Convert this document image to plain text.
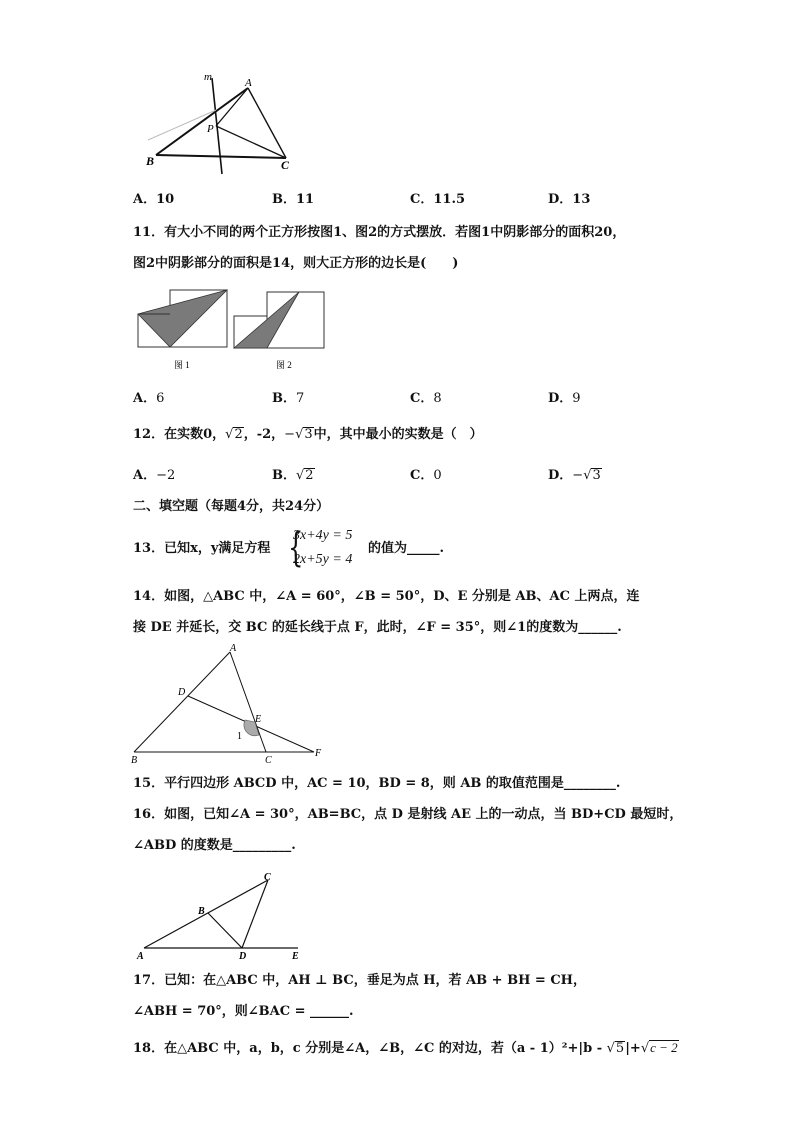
m	A
P
B	C
A．10	B．11	C．11.5	D．13
11．有大小不同的两个正方形按图1、图2的方式摆放．若图1中阴影部分的面积20，
图2中阴影部分的面积是14，则大正方形的边长是(　　)
图 1	图 2
A．6	B．7	C．8	D．9
12．在实数0，√2，-2，−√3中，其中最小的实数是（　）
A．−2	B．√2	C．0	D．−√3
二、填空题（每题4分，共24分）
13．已知x，y满足方程 {
3x+4y = 5
2x+5y = 4
的值为_____.
14．如图，△ABC 中，∠A = 60°，∠B = 50°，D、E 分别是 AB、AC 上两点，连
接 DE 并延长，交 BC 的延长线于点 F，此时，∠F = 35°，则∠1的度数为______.
A
D
E
1
B	C
F
15．平行四边形 ABCD 中，AC = 10，BD = 8，则 AB 的取值范围是________.
16．如图，已知∠A = 30°，AB=BC，点 D 是射线 AE 上的一动点，当 BD+CD 最短时，
∠ABD 的度数是_________.
C
B
A	D	E
17．已知：在△ABC 中，AH ⊥ BC，垂足为点 H，若 AB + BH = CH，
∠ABH = 70°，则∠BAC = ______.
18．在△ABC 中，a，b，c 分别是∠A，∠B，∠C 的对边，若（a - 1）²+|b - √5|+√c − 2
